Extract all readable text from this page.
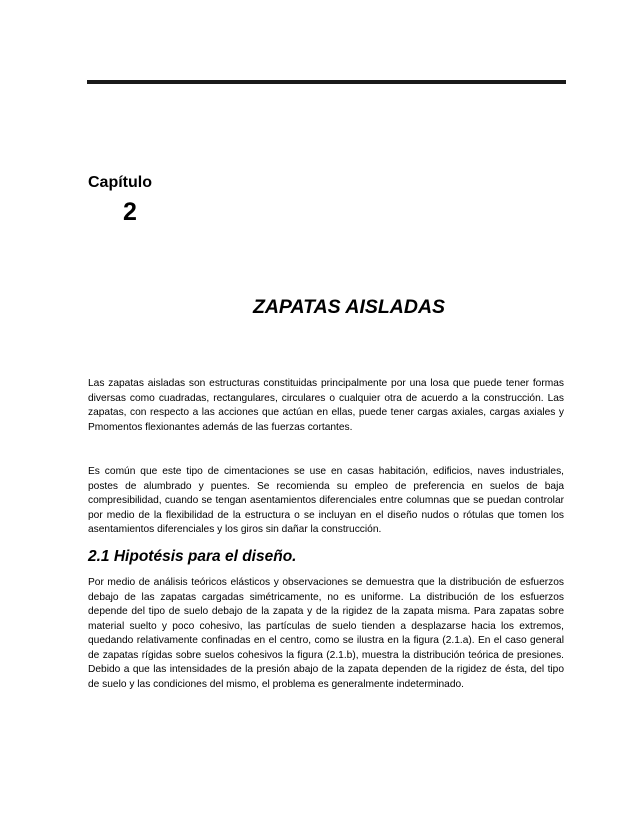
Capítulo
2
ZAPATAS AISLADAS

Las zapatas aisladas son estructuras constituidas principalmente por una losa que puede tener formas diversas como cuadradas, rectangulares, circulares o cualquier otra de acuerdo a la construcción. Las zapatas, con respecto a las acciones que actúan en ellas, puede tener cargas axiales, cargas axiales y Pmomentos flexionantes además de las fuerzas cortantes.

Es común que este tipo de cimentaciones se use en casas habitación, edificios, naves industriales, postes de alumbrado y puentes. Se recomienda su empleo de preferencia en suelos de baja compresibilidad, cuando se tengan asentamientos diferenciales entre columnas que se puedan controlar por medio de la flexibilidad de la estructura o se incluyan en el diseño nudos o rótulas que tomen los asentamientos diferenciales y los giros sin dañar la construcción.

2.1 Hipotésis para el diseño.

Por medio de análisis teóricos elásticos y observaciones se demuestra que la distribución de esfuerzos debajo de las zapatas cargadas simétricamente, no es uniforme. La distribución de los esfuerzos depende del tipo de suelo debajo de la zapata y de la rigidez de la zapata misma. Para zapatas sobre material suelto y poco cohesivo, las partículas de suelo tienden a desplazarse hacia los extremos, quedando relativamente confinadas en el centro, como se ilustra en la figura (2.1.a). En el caso general de zapatas rígidas sobre suelos cohesivos la figura (2.1.b), muestra la distribución teórica de presiones. Debido a que las intensidades de la presión abajo de la zapata dependen de la rigidez de ésta, del tipo de suelo y las condiciones del mismo, el problema es generalmente indeterminado.
